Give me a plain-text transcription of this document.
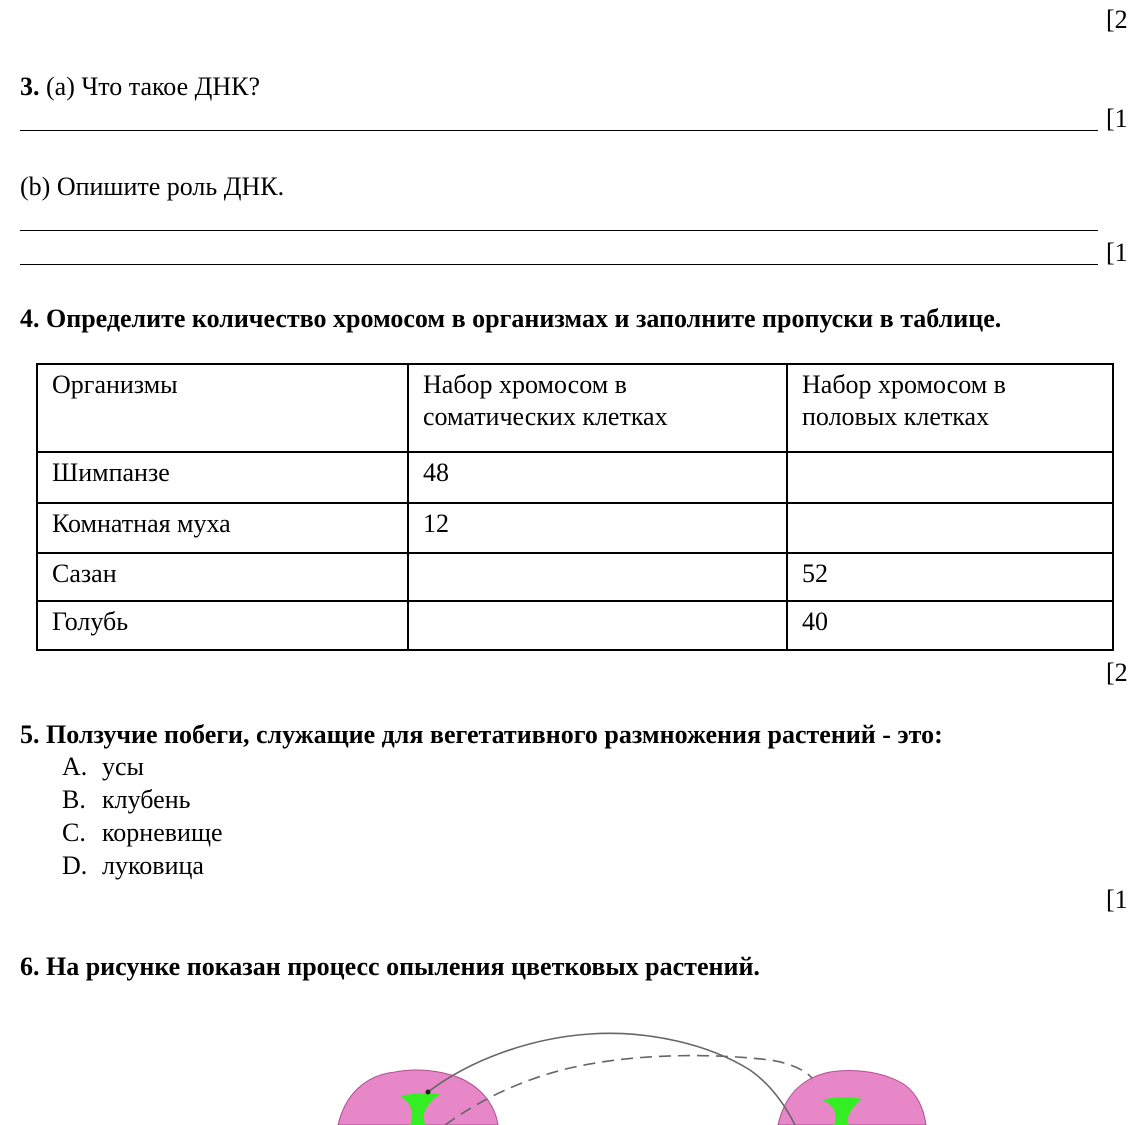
[2
3. (a) Что такое ДНК?
[1
(b) Опишите роль ДНК.
[1
4. Определите количество хромосом в организмах и заполните пропуски в таблице.
Организмы	Набор хромосом в соматических клетках	Набор хромосом в половых клетках
Шимпанзе	48	
Комнатная муха	12	
Сазан		52
Голубь		40
[2
5. Ползучие побеги, служащие для вегетативного размножения растений - это:
A. усы
B. клубень
C. корневище
D. луковица
[1
6. На рисунке показан процесс опыления цветковых растений.
